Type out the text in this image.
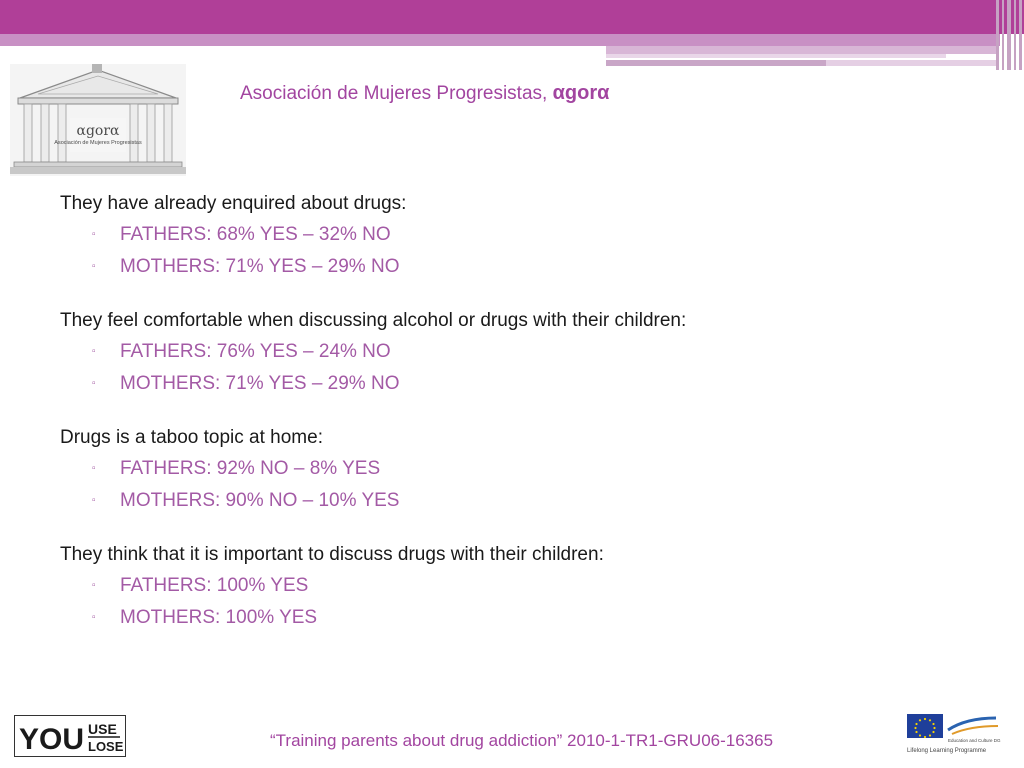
αgorα
Asociación de Mujeres Progresistas
Asociación de Mujeres Progresistas, αgorα
They have already enquired about drugs:
▫ FATHERS: 68% YES – 32% NO
▫ MOTHERS: 71% YES – 29% NO
They feel comfortable when discussing alcohol or drugs with their children:
▫ FATHERS: 76% YES – 24% NO
▫ MOTHERS: 71% YES – 29% NO
Drugs is a taboo topic at home:
▫ FATHERS: 92% NO – 8% YES
▫ MOTHERS: 90% NO – 10% YES
They think that it is important to discuss drugs with their children:
▫ FATHERS: 100% YES
▫ MOTHERS: 100% YES
YOU USE
LOSE	“Training parents about drug addiction” 2010-1-TR1-GRU06-16365	Education and Culture DG
Lifelong Learning Programme
